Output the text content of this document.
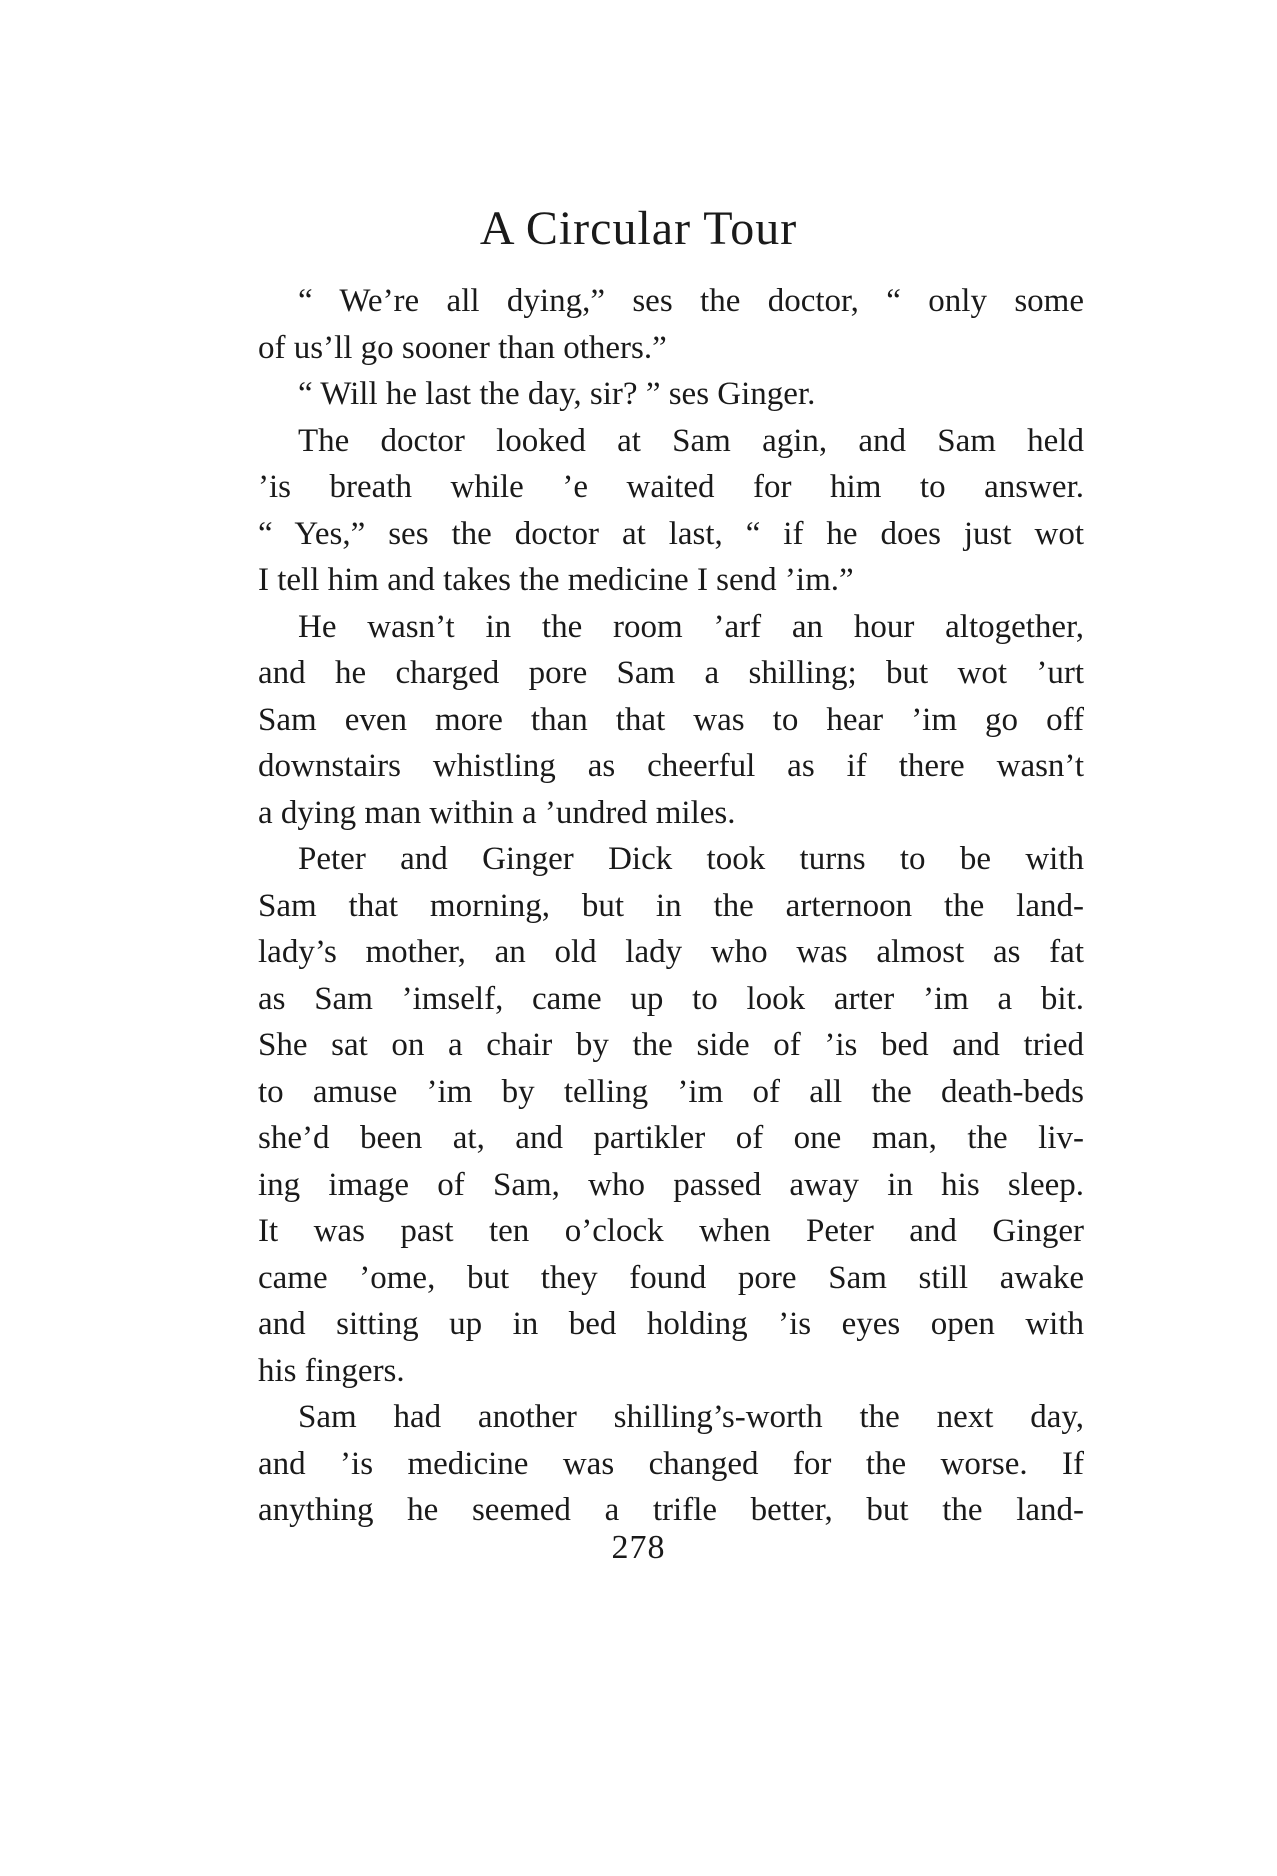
A Circular Tour
“ We’re all dying,” ses the doctor, “ only some
of us’ll go sooner than others.”
“ Will he last the day, sir? ” ses Ginger.
The doctor looked at Sam agin, and Sam held
’is breath while ’e waited for him to answer.
“ Yes,” ses the doctor at last, “ if he does just wot
I tell him and takes the medicine I send ’im.”
He wasn’t in the room ’arf an hour altogether,
and he charged pore Sam a shilling; but wot ’urt
Sam even more than that was to hear ’im go off
downstairs whistling as cheerful as if there wasn’t
a dying man within a ’undred miles.
Peter and Ginger Dick took turns to be with
Sam that morning, but in the arternoon the land-
lady’s mother, an old lady who was almost as fat
as Sam ’imself, came up to look arter ’im a bit.
She sat on a chair by the side of ’is bed and tried
to amuse ’im by telling ’im of all the death-beds
she’d been at, and partikler of one man, the liv-
ing image of Sam, who passed away in his sleep.
It was past ten o’clock when Peter and Ginger
came ’ome, but they found pore Sam still awake
and sitting up in bed holding ’is eyes open with
his fingers.
Sam had another shilling’s-worth the next day,
and ’is medicine was changed for the worse. If
anything he seemed a trifle better, but the land-
278
